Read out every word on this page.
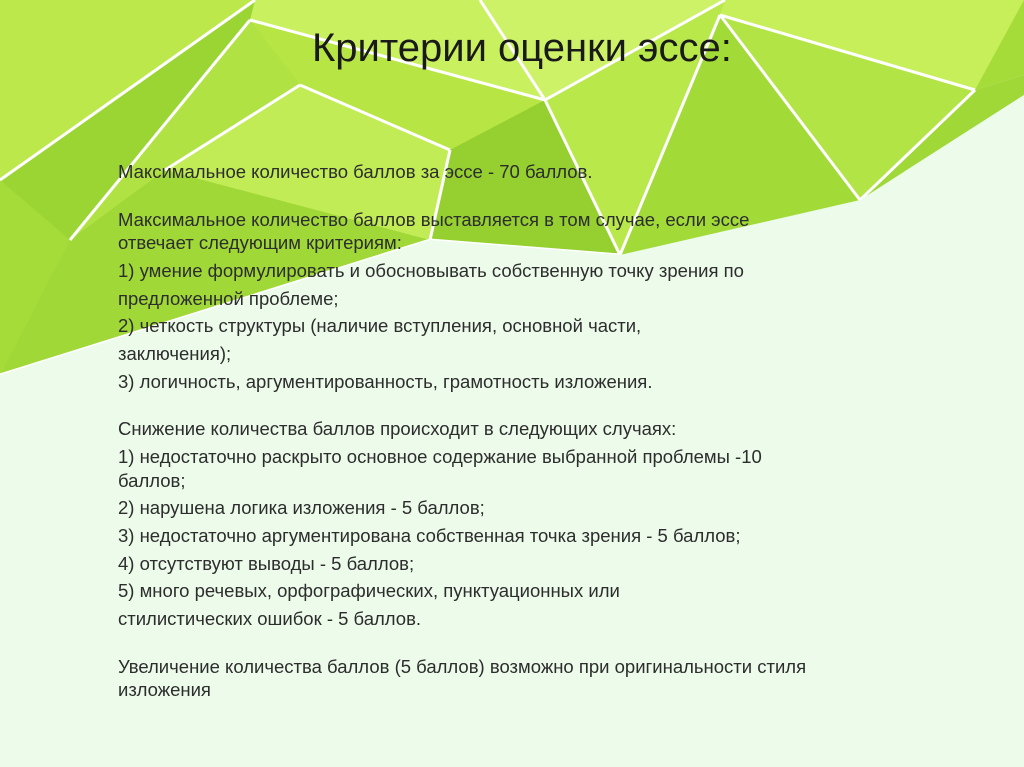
Критерии оценки эссе:

Максимальное количество баллов за эссе - 70 баллов.

Максимальное количество баллов выставляется в том случае, если эссе

отвечает следующим критериям:

1) умение формулировать и обосновывать собственную точку зрения по

предложенной проблеме;

2) четкость структуры (наличие вступления, основной части,

заключения);

3) логичность, аргументированность, грамотность изложения.

Снижение количества баллов происходит в следующих случаях:

1) недостаточно раскрыто основное содержание выбранной проблемы -10

баллов;

2) нарушена логика изложения - 5 баллов;

3) недостаточно аргументирована собственная точка зрения - 5 баллов;

4) отсутствуют выводы - 5 баллов;

5) много речевых, орфографических, пунктуационных или

стилистических ошибок - 5 баллов.

Увеличение количества баллов (5 баллов) возможно при оригинальности стиля

изложения
